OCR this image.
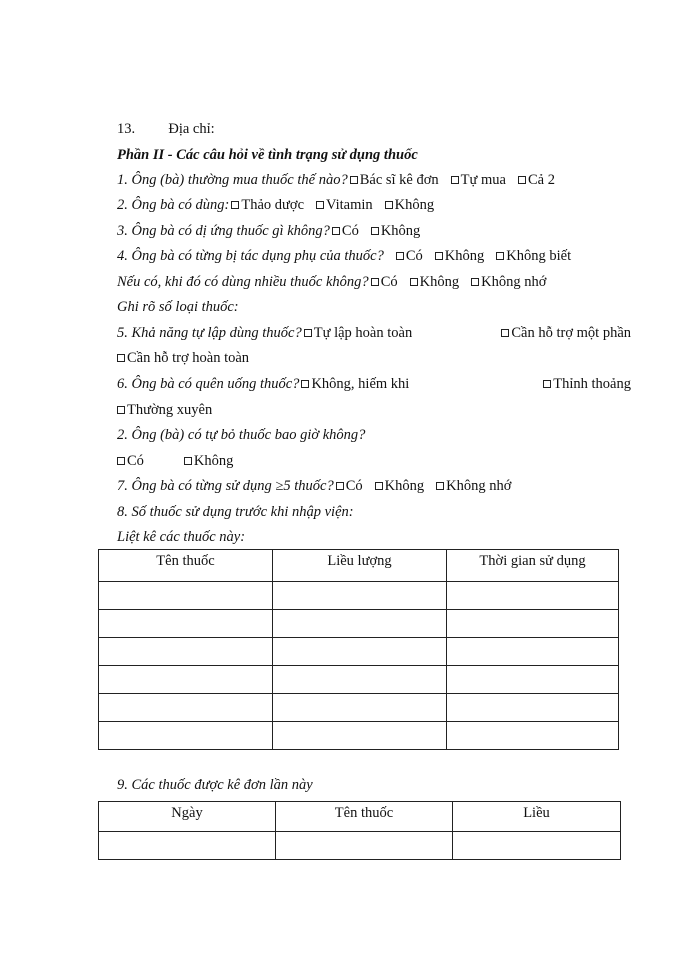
13. Địa chỉ:
Phần II - Các câu hỏi về tình trạng sử dụng thuốc
1. Ông (bà) thường mua thuốc thế nào? Bác sĩ kê đơn Tự mua Cả 2
2. Ông bà có dùng: Thảo dược Vitamin Không
3. Ông bà có dị ứng thuốc gì không? Có Không
4. Ông bà có từng bị tác dụng phụ của thuốc? Có Không Không biết
Nếu có, khi đó có dùng nhiều thuốc không? Có Không Không nhớ
Ghi rõ số loại thuốc:
5. Khả năng tự lập dùng thuốc? Tự lập hoàn toàn	Cần hỗ trợ một phần
Cần hỗ trợ hoàn toàn
6. Ông bà có quên uống thuốc? Không, hiếm khi	Thỉnh thoảng
Thường xuyên
2. Ông (bà) có tự bỏ thuốc bao giờ không?
Có	Không
7. Ông bà có từng sử dụng ≥5 thuốc? Có Không Không nhớ
8. Số thuốc sử dụng trước khi nhập viện:
Liệt kê các thuốc này:
Tên thuốc	Liều lượng	Thời gian sử dụng

9. Các thuốc được kê đơn lần này
Ngày	Tên thuốc	Liều
